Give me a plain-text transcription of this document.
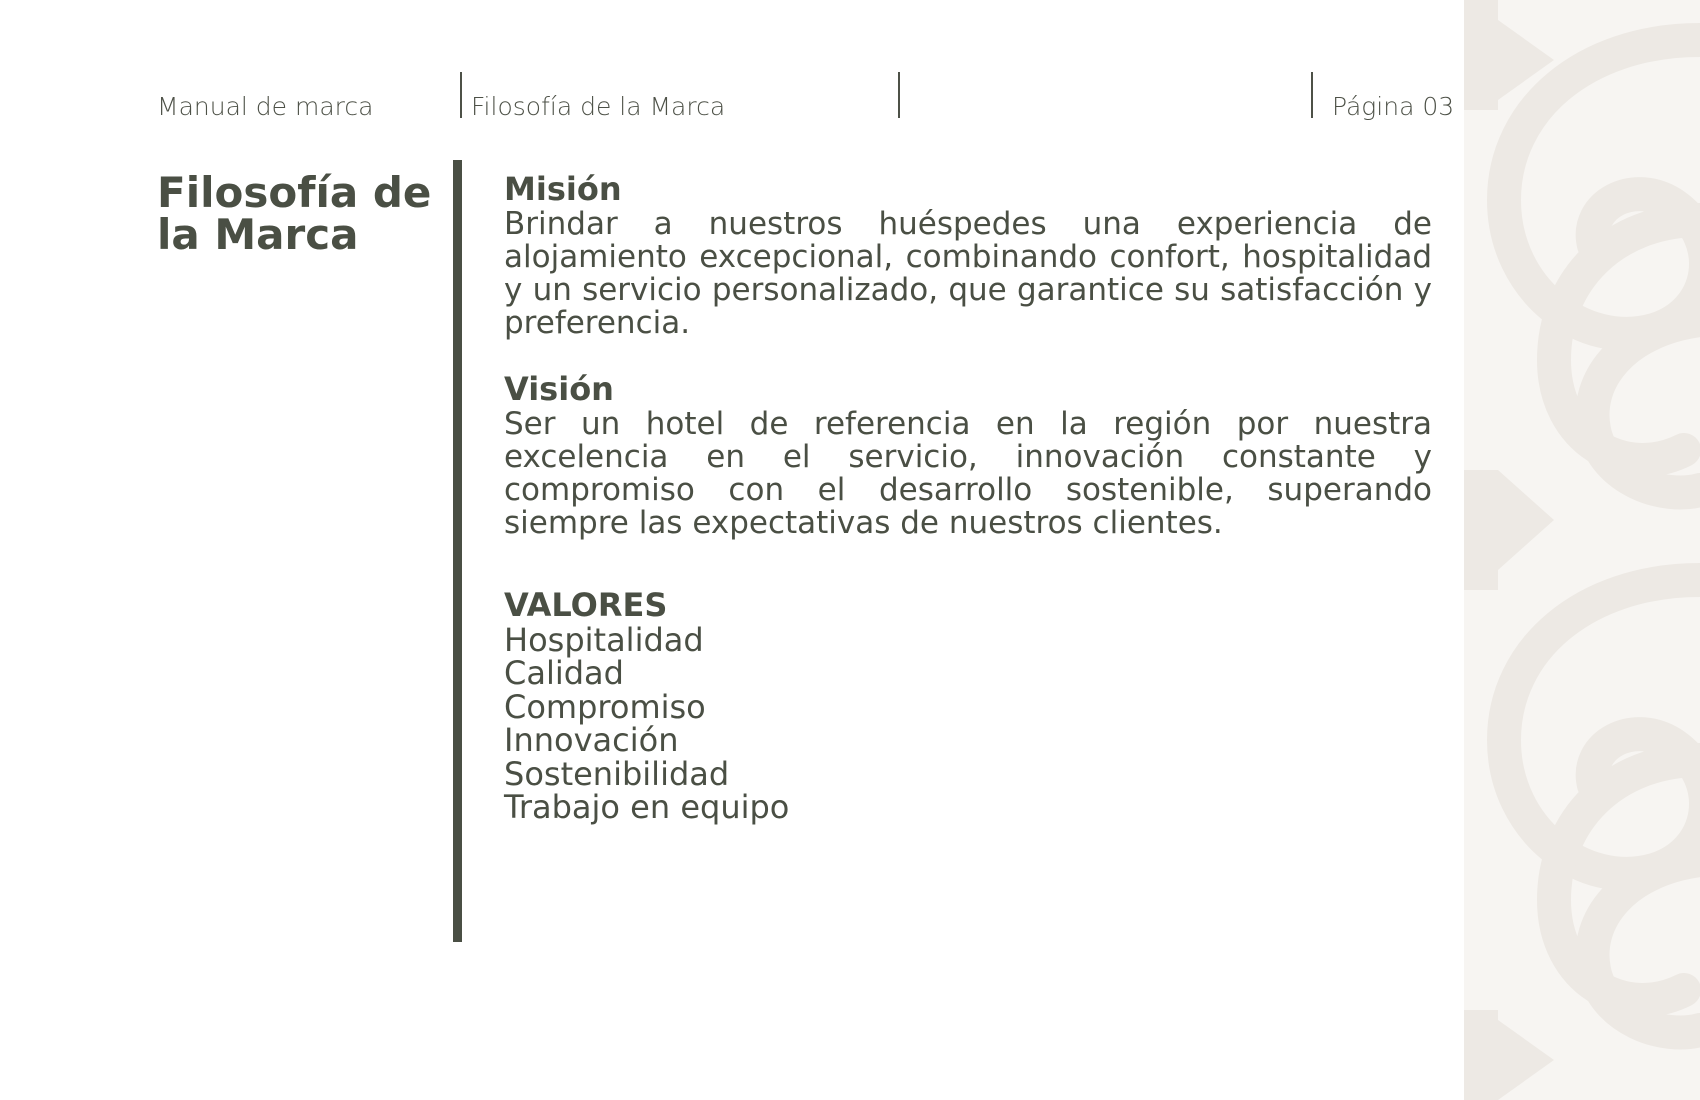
Manual de marca	Filosofía de la Marca	Página 03
Filosofía de
la Marca
Misión

Brindar a nuestros huéspedes una experiencia de alojamiento excepcional, combinando confort, hospitalidad y un servicio personalizado, que garantice su satisfacción y preferencia.

Visión

Ser un hotel de referencia en la región por nuestra excelencia en el servicio, innovación constante y compromiso con el desarrollo sostenible, superando siempre las expectativas de nuestros clientes.

VALORES
Hospitalidad
Calidad
Compromiso
Innovación
Sostenibilidad
Trabajo en equipo
